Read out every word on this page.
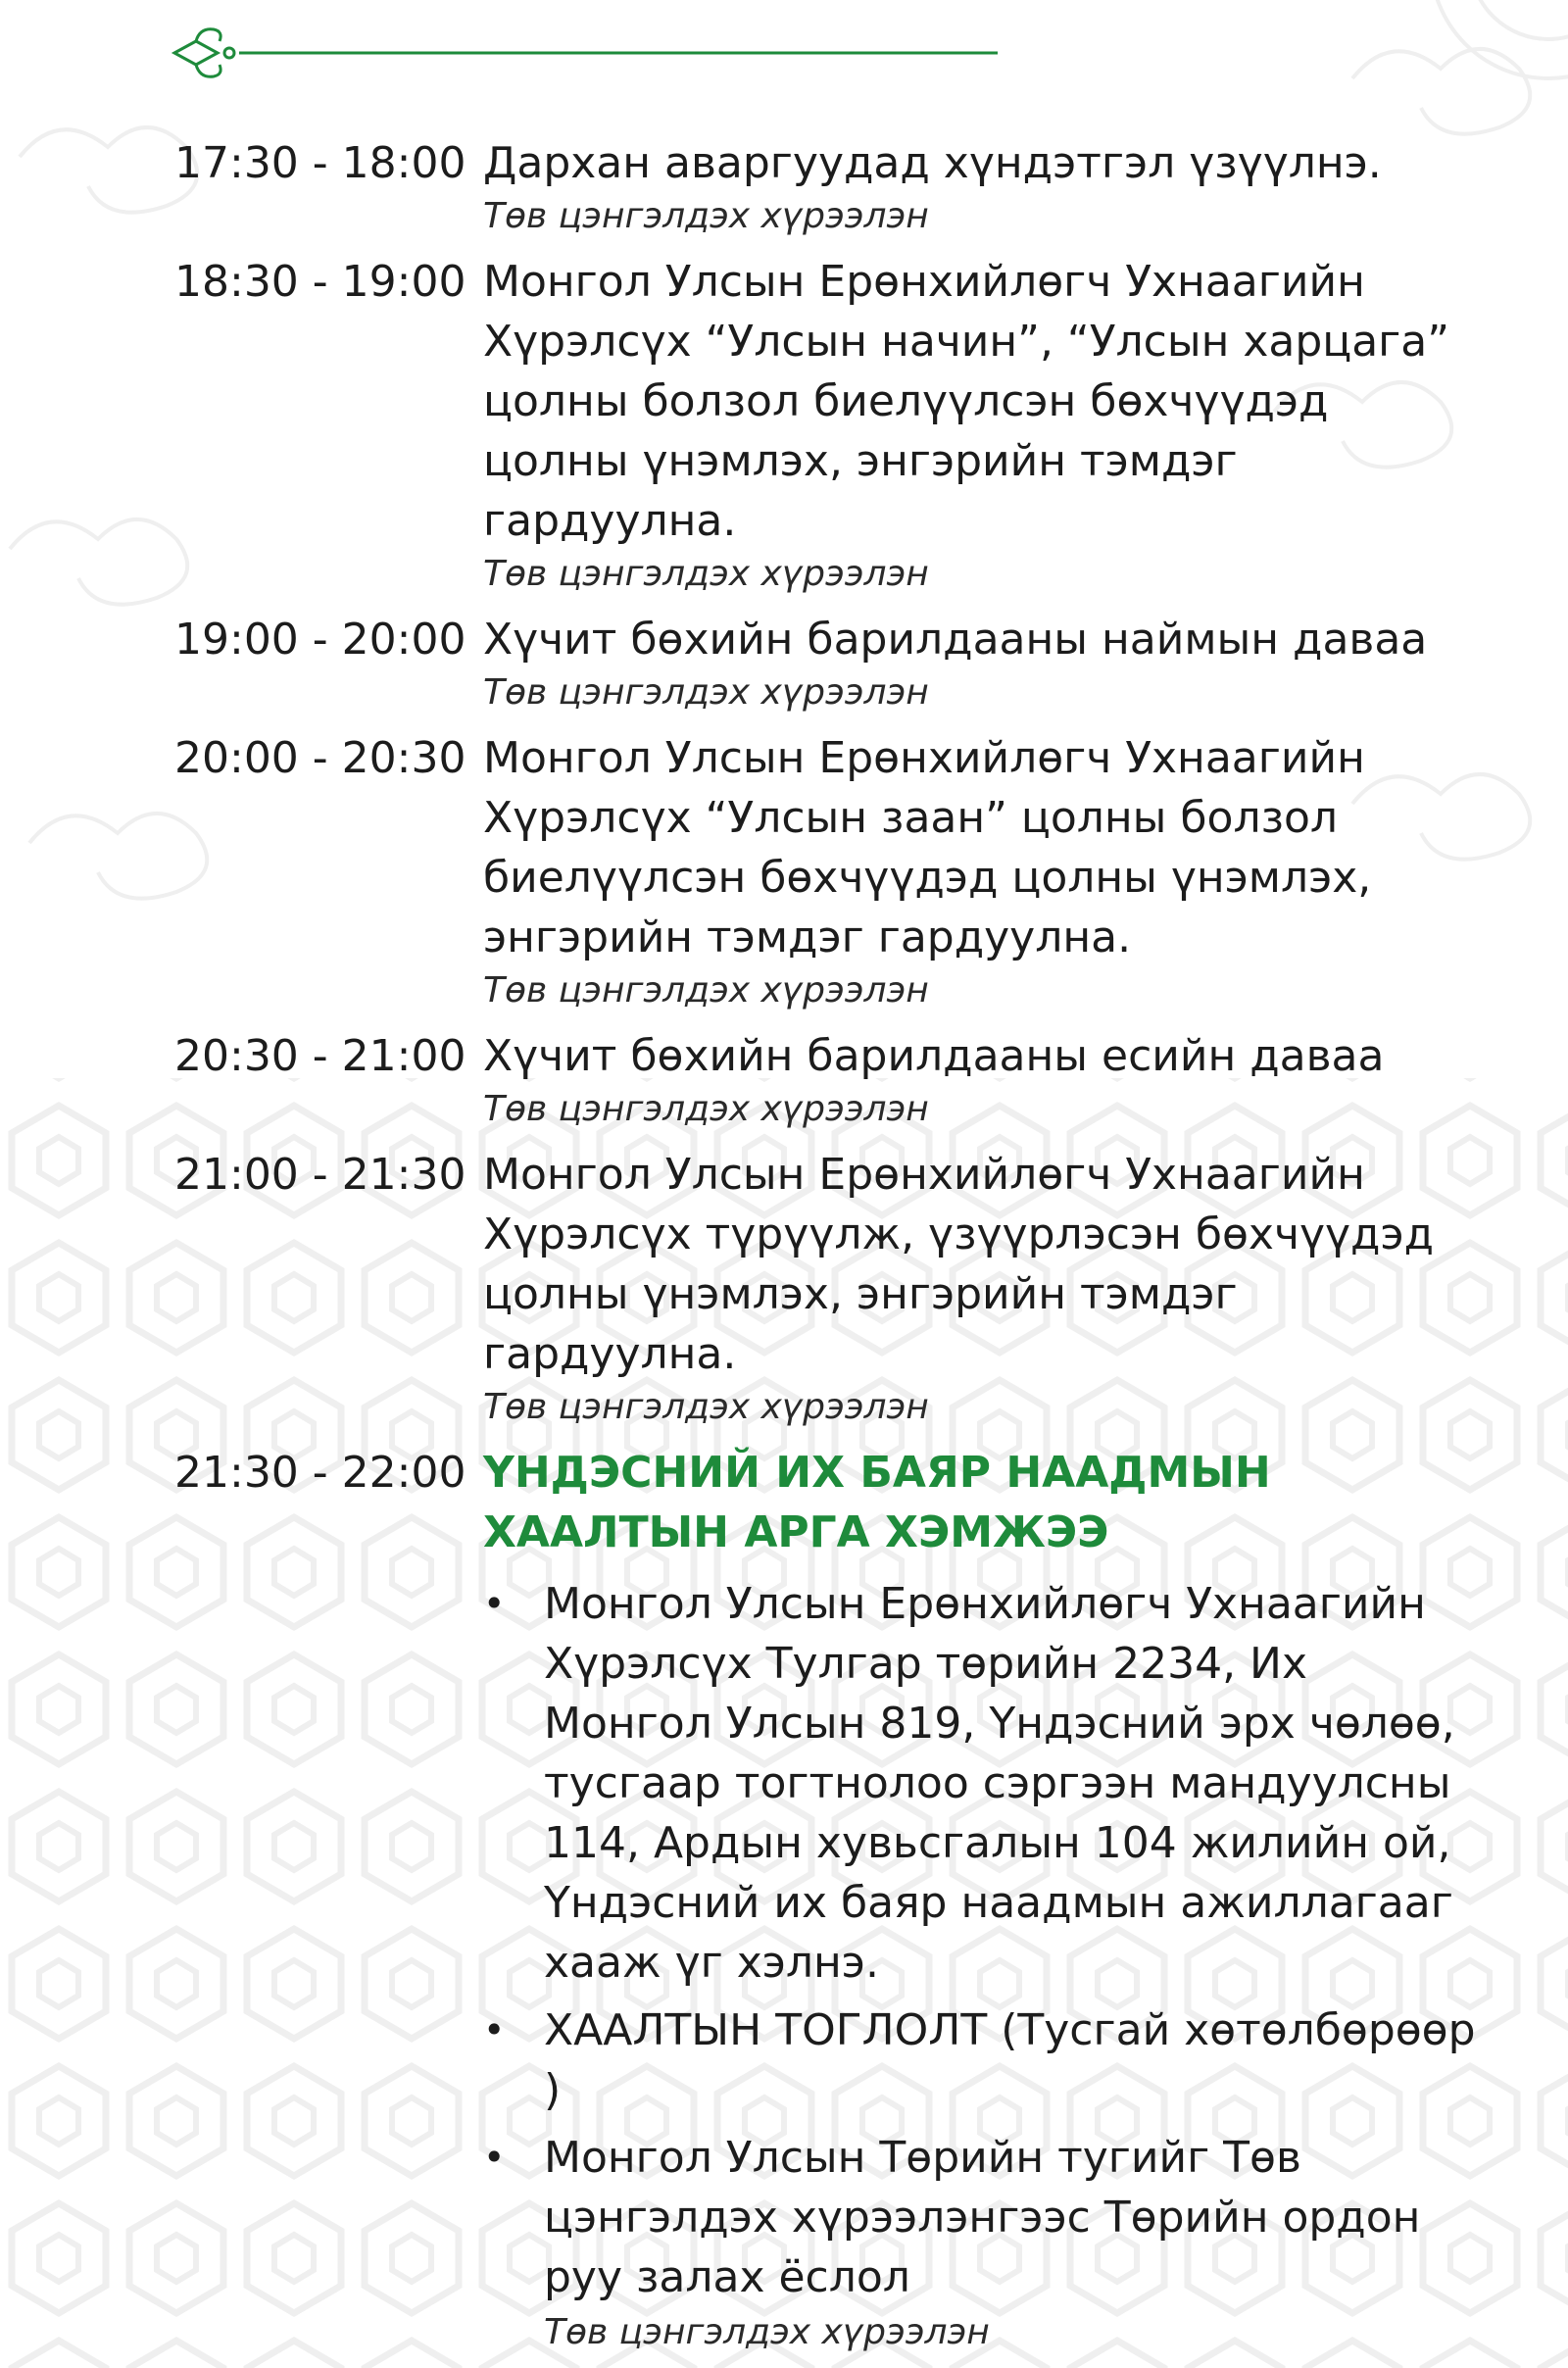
17:30 - 18:00 Дархан аваргуудад хүндэтгэл үзүүлнэ.
Төв цэнгэлдэх хүрээлэн
18:30 - 19:00 Монгол Улсын Ерөнхийлөгч Ухнаагийн Хүрэлсүх “Улсын начин”, “Улсын харцага” цолны болзол биелүүлсэн бөхчүүдэд цолны үнэмлэх, энгэрийн тэмдэг гардуулна.
Төв цэнгэлдэх хүрээлэн
19:00 - 20:00 Хүчит бөхийн барилдааны наймын даваа
Төв цэнгэлдэх хүрээлэн
20:00 - 20:30 Монгол Улсын Ерөнхийлөгч Ухнаагийн Хүрэлсүх “Улсын заан” цолны болзол биелүүлсэн бөхчүүдэд цолны үнэмлэх, энгэрийн тэмдэг гардуулна.
Төв цэнгэлдэх хүрээлэн
20:30 - 21:00 Хүчит бөхийн барилдааны есийн даваа
Төв цэнгэлдэх хүрээлэн
21:00 - 21:30 Монгол Улсын Ерөнхийлөгч Ухнаагийн Хүрэлсүх түрүүлж, үзүүрлэсэн бөхчүүдэд цолны үнэмлэх, энгэрийн тэмдэг гардуулна.
Төв цэнгэлдэх хүрээлэн
21:30 - 22:00 ҮНДЭСНИЙ ИХ БАЯР НААДМЫН
ХААЛТЫН АРГА ХЭМЖЭЭ
• Монгол Улсын Ерөнхийлөгч Ухнаагийн Хүрэлсүх Тулгар төрийн 2234, Их Монгол Улсын 819, Үндэсний эрх чөлөө, тусгаар тогтнолоо сэргээн мандуулсны 114, Ардын хувьсгалын 104 жилийн ой, Үндэсний их баяр наадмын ажиллагааг хааж үг хэлнэ.
• ХААЛТЫН ТОГЛОЛТ (Тусгай хөтөлбөрөөр )
• Монгол Улсын Төрийн тугийг Төв цэнгэлдэх хүрээлэнгээс Төрийн ордон руу залах ёслол
Төв цэнгэлдэх хүрээлэн
